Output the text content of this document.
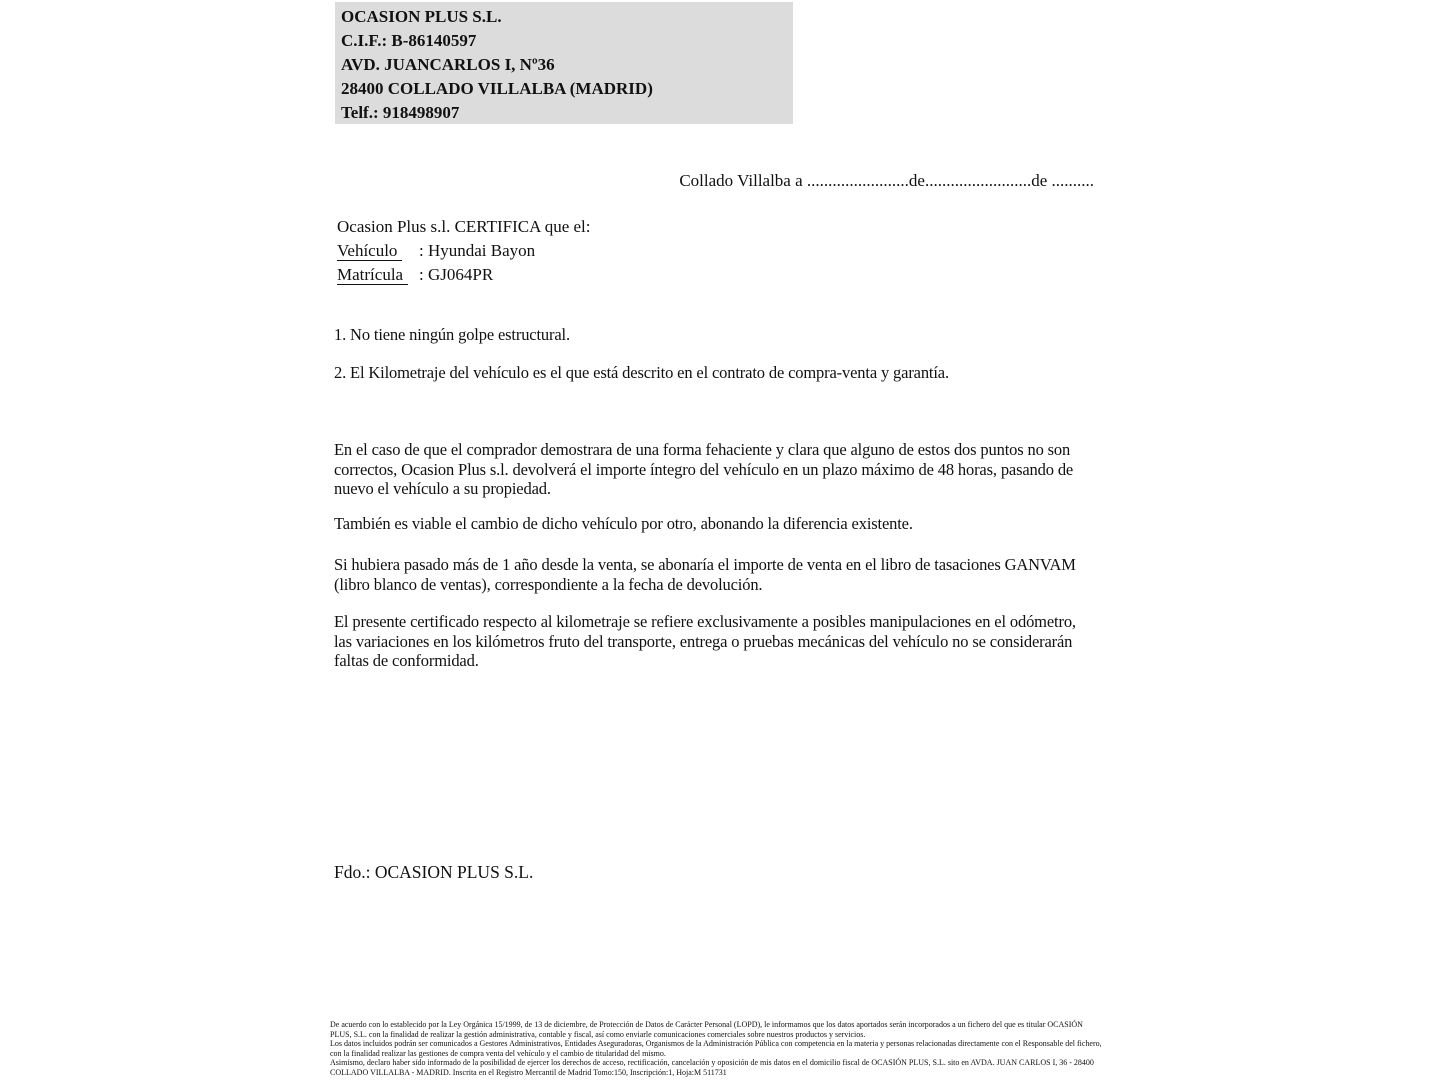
OCASION PLUS S.L.
C.I.F.: B-86140597
AVD. JUANCARLOS I, Nº36
28400 COLLADO VILLALBA (MADRID)
Telf.: 918498907
Collado Villalba a ........................de.........................de ..........
Ocasion Plus s.l. CERTIFICA que el:
Vehículo : Hyundai Bayon
Matrícula : GJ064PR
1. No tiene ningún golpe estructural.
2. El Kilometraje del vehículo es el que está descrito en el contrato de compra-venta y garantía.
En el caso de que el comprador demostrara de una forma fehaciente y clara que alguno de estos dos puntos no son correctos, Ocasion Plus s.l. devolverá el importe íntegro del vehículo en un plazo máximo de 48 horas, pasando de nuevo el vehículo a su propiedad.
También es viable el cambio de dicho vehículo por otro, abonando la diferencia existente.
Si hubiera pasado más de 1 año desde la venta, se abonaría el importe de venta en el libro de tasaciones GANVAM (libro blanco de ventas), correspondiente a la fecha de devolución.
El presente certificado respecto al kilometraje se refiere exclusivamente a posibles manipulaciones en el odómetro, las variaciones en los kilómetros fruto del transporte, entrega o pruebas mecánicas del vehículo no se considerarán faltas de conformidad.
Fdo.: OCASION PLUS S.L.

De acuerdo con lo establecido por la Ley Orgánica 15/1999, de 13 de diciembre, de Protección de Datos de Carácter Personal (LOPD), le informamos que los datos aportados serán incorporados a un fichero del que es titular OCASIÓN PLUS, S.L. con la finalidad de realizar la gestión administrativa, contable y fiscal, así como enviarle comunicaciones comerciales sobre nuestros productos y servicios.

Los datos incluidos podrán ser comunicados a Gestores Administrativos, Entidades Aseguradoras, Organismos de la Administración Pública con competencia en la materia y personas relacionadas directamente con el Responsable del fichero, con la finalidad realizar las gestiones de compra venta del vehículo y el cambio de titularidad del mismo.

Asimismo, declaro haber sido informado de la posibilidad de ejercer los derechos de acceso, rectificación, cancelación y oposición de mis datos en el domicilio fiscal de OCASIÓN PLUS, S.L. sito en AVDA. JUAN CARLOS I, 36 - 28400 COLLADO VILLALBA - MADRID. Inscrita en el Registro Mercantil de Madrid Tomo:150, Inscripción:1, Hoja:M 511731
